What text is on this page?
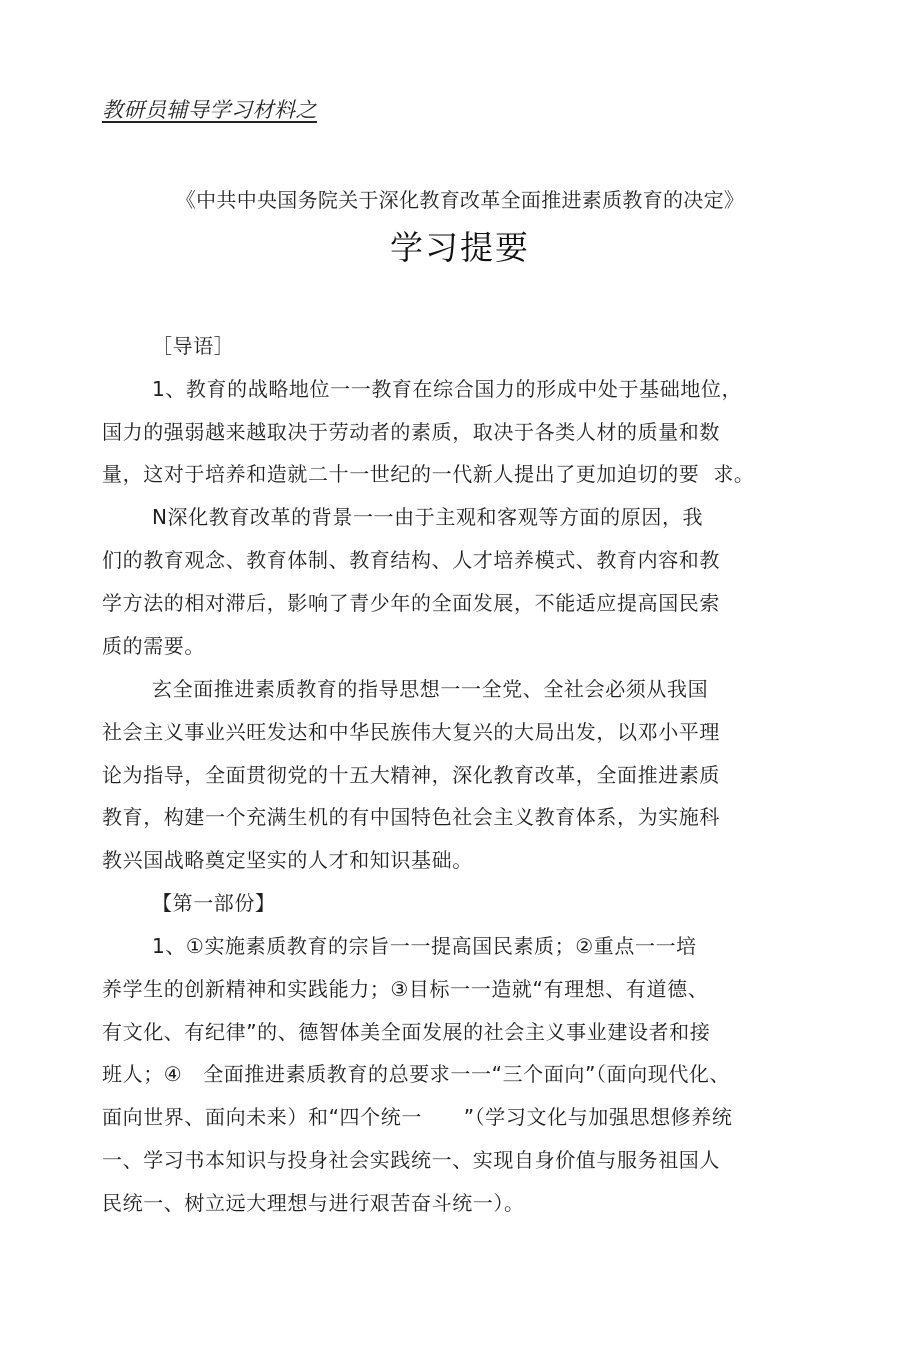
教研员辅导学习材料之
《中共中央国务院关于深化教育改革全面推进素质教育的决定》
学习提要
［导语］
1、教育的战略地位一一教育在综合国力的形成中处于基础地位，
国力的强弱越来越取决于劳动者的素质，取决于各类人材的质量和数
量，这对于培养和造就二十一世纪的一代新人提出了更加迫切的要  求。
N深化教育改革的背景一一由于主观和客观等方面的原因，我
们的教育观念、教育体制、教育结构、人才培养模式、教育内容和教
学方法的相对滞后，影响了青少年的全面发展，不能适应提高国民索
质的需要。
玄全面推进素质教育的指导思想一一全党、全社会必须从我国
社会主义事业兴旺发达和中华民族伟大复兴的大局出发，以邓小平理
论为指导，全面贯彻党的十五大精神，深化教育改革，全面推进素质
教育，构建一个充满生机的有中国特色社会主义教育体系，为实施科
教兴国战略奠定坚实的人才和知识基础。
【第一部份】
1、①实施素质教育的宗旨一一提高国民素质；②重点一一培
养学生的创新精神和实践能力；③目标一一造就“有理想、有道德、
有文化、有纪律”的、德智体美全面发展的社会主义事业建设者和接
班人；④   全面推进素质教育的总要求一一“三个面向”（面向现代化、
面向世界、面向未来）和“四个统一      ”（学习文化与加强思想修养统
一、学习书本知识与投身社会实践统一、实现自身价值与服务祖国人
民统一、树立远大理想与进行艰苦奋斗统一）。
